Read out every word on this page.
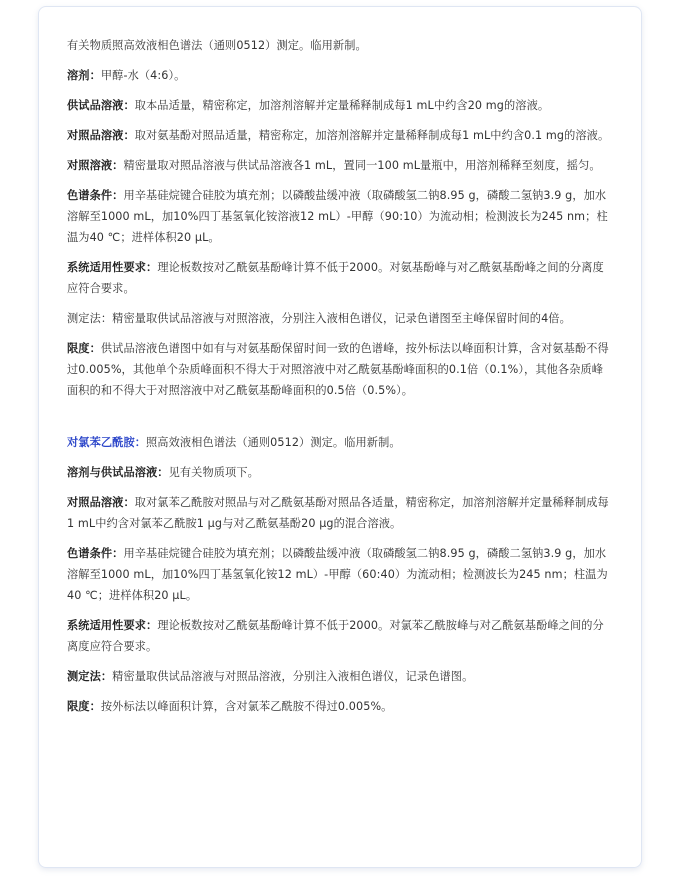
有关物质照高效液相色谱法（通则0512）测定。临用新制。

溶剂：甲醇-水（4:6）。

供试品溶液：取本品适量，精密称定，加溶剂溶解并定量稀释制成每1 mL中约含20 mg的溶液。

对照品溶液：取对氨基酚对照品适量，精密称定，加溶剂溶解并定量稀释制成每1 mL中约含0.1 mg的溶液。

对照溶液：精密量取对照品溶液与供试品溶液各1 mL，置同一100 mL量瓶中，用溶剂稀释至刻度，摇匀。

色谱条件：用辛基硅烷键合硅胶为填充剂；以磷酸盐缓冲液（取磷酸氢二钠8.95 g，磷酸二氢钠3.9 g，加水溶解至1000 mL，加10%四丁基氢氧化铵溶液12 mL）-甲醇（90:10）为流动相；检测波长为245 nm；柱温为40 ℃；进样体积20 μL。

系统适用性要求：理论板数按对乙酰氨基酚峰计算不低于2000。对氨基酚峰与对乙酰氨基酚峰之间的分离度应符合要求。

测定法：精密量取供试品溶液与对照溶液，分别注入液相色谱仪，记录色谱图至主峰保留时间的4倍。

限度：供试品溶液色谱图中如有与对氨基酚保留时间一致的色谱峰，按外标法以峰面积计算，含对氨基酚不得过0.005%，其他单个杂质峰面积不得大于对照溶液中对乙酰氨基酚峰面积的0.1倍（0.1%），其他各杂质峰面积的和不得大于对照溶液中对乙酰氨基酚峰面积的0.5倍（0.5%）。

对氯苯乙酰胺：照高效液相色谱法（通则0512）测定。临用新制。

溶剂与供试品溶液：见有关物质项下。

对照品溶液：取对氯苯乙酰胺对照品与对乙酰氨基酚对照品各适量，精密称定，加溶剂溶解并定量稀释制成每1 mL中约含对氯苯乙酰胺1 μg与对乙酰氨基酚20 μg的混合溶液。

色谱条件：用辛基硅烷键合硅胶为填充剂；以磷酸盐缓冲液（取磷酸氢二钠8.95 g，磷酸二氢钠3.9 g，加水溶解至1000 mL，加10%四丁基氢氧化铵12 mL）-甲醇（60:40）为流动相；检测波长为245 nm；柱温为40 ℃；进样体积20 μL。

系统适用性要求：理论板数按对乙酰氨基酚峰计算不低于2000。对氯苯乙酰胺峰与对乙酰氨基酚峰之间的分离度应符合要求。

测定法：精密量取供试品溶液与对照品溶液，分别注入液相色谱仪，记录色谱图。

限度：按外标法以峰面积计算，含对氯苯乙酰胺不得过0.005%。
